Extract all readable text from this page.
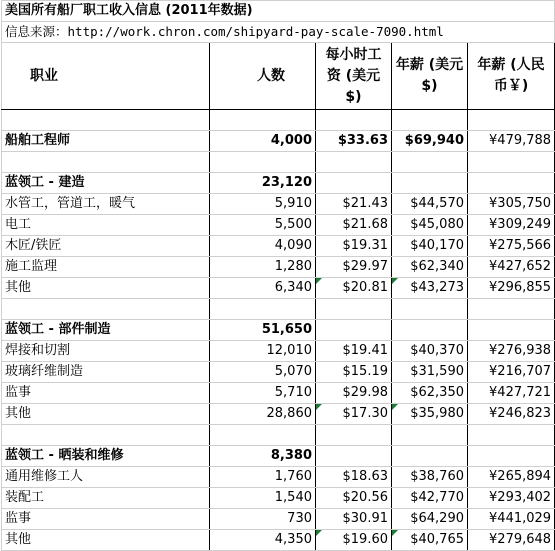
美国所有船厂职工收入信息 (2011年数据)				
信息来源：http://work.chron.com/shipyard-pay-scale-7090.html				
职业	人数	每小时工资 (美元$)	年薪 (美元$)	年薪 (人民币￥)

船舶工程师	4,000	$33.63	$69,940	¥479,788

蓝领工 - 建造	23,120			
水管工，管道工，暖气	5,910	$21.43	$44,570	¥305,750
电工	5,500	$21.68	$45,080	¥309,249
木匠/铁匠	4,090	$19.31	$40,170	¥275,566
施工监理	1,280	$29.97	$62,340	¥427,652
其他	6,340	$20.81	$43,273	¥296,855

蓝领工 - 部件制造	51,650			
焊接和切割	12,010	$19.41	$40,370	¥276,938
玻璃纤维制造	5,070	$15.19	$31,590	¥216,707
监事	5,710	$29.98	$62,350	¥427,721
其他	28,860	$17.30	$35,980	¥246,823

蓝领工 - 晒装和维修	8,380			
通用维修工人	1,760	$18.63	$38,760	¥265,894
装配工	1,540	$20.56	$42,770	¥293,402
监事	730	$30.91	$64,290	¥441,029
其他	4,350	$19.60	$40,765	¥279,648
